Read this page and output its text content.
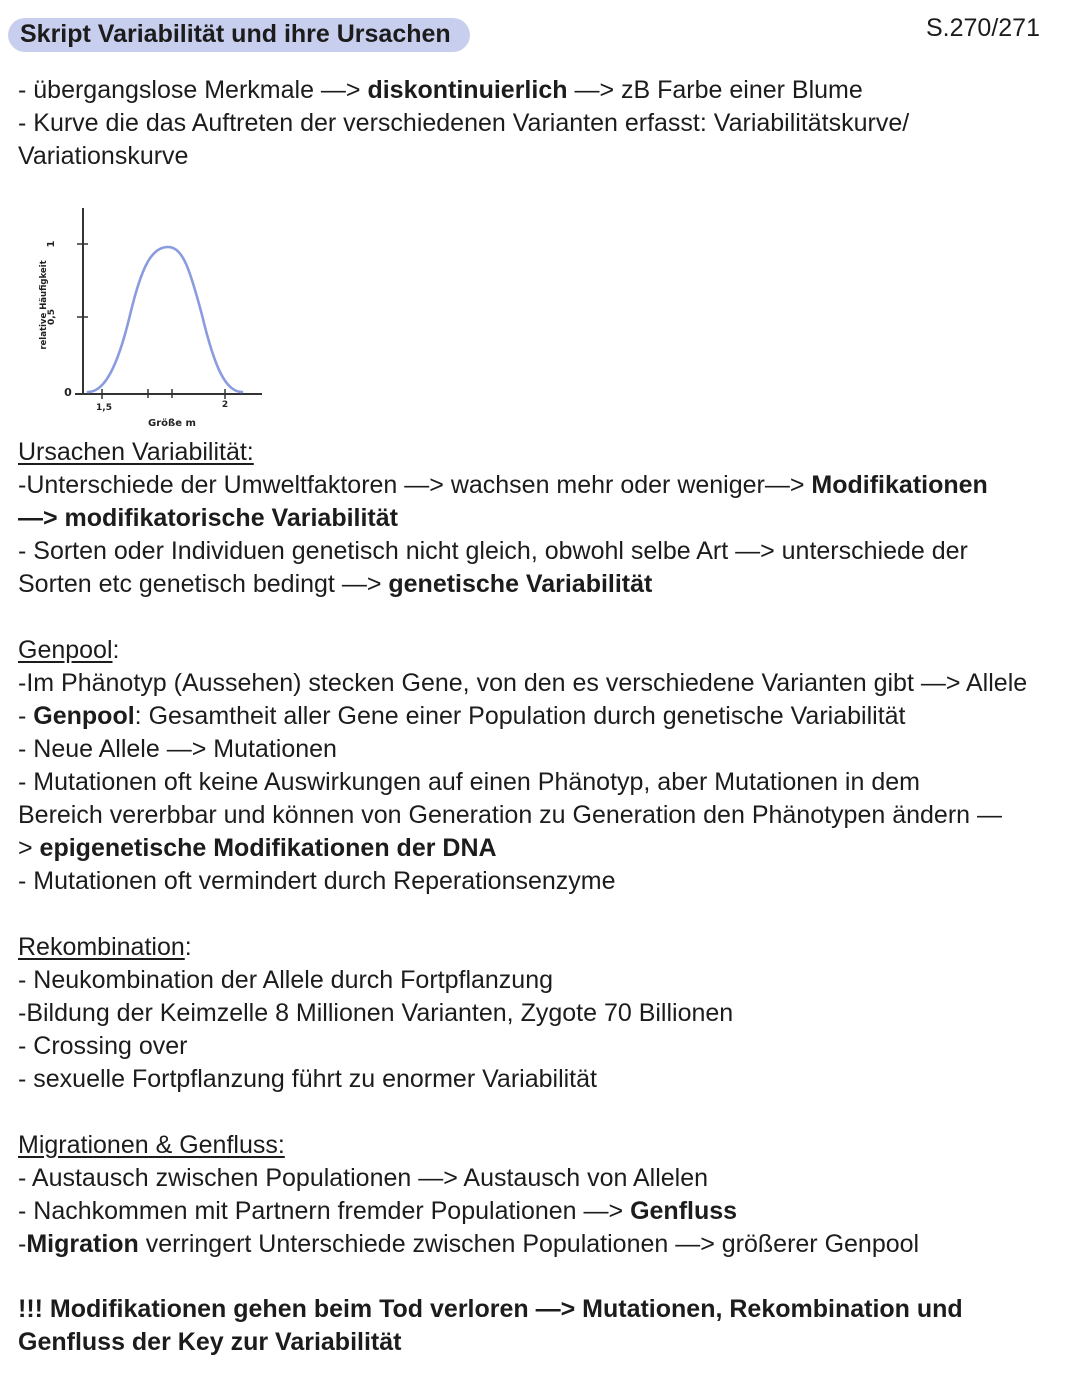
Skript Variabilität und ihre Ursachen	S.270/271
- übergangslose Merkmale —> diskontinuierlich —> zB Farbe einer Blume
- Kurve die das Auftreten der verschiedenen Varianten erfasst: Variabilitätskurve/
Variationskurve
1
0,5
0
relative Häufigkeit
1,5	2
Größe m
Ursachen Variabilität:
-Unterschiede der Umweltfaktoren —> wachsen mehr oder weniger—> Modifikationen
—> modifikatorische Variabilität
- Sorten oder Individuen genetisch nicht gleich, obwohl selbe Art —> unterschiede der
Sorten etc genetisch bedingt —> genetische Variabilität
Genpool:
-Im Phänotyp (Aussehen) stecken Gene, von den es verschiedene Varianten gibt —> Allele
- Genpool: Gesamtheit aller Gene einer Population durch genetische Variabilität
- Neue Allele —> Mutationen
- Mutationen oft keine Auswirkungen auf einen Phänotyp, aber Mutationen in dem
Bereich vererbbar und können von Generation zu Generation den Phänotypen ändern —
> epigenetische Modifikationen der DNA
- Mutationen oft vermindert durch Reperationsenzyme
Rekombination:
- Neukombination der Allele durch Fortpflanzung
-Bildung der Keimzelle 8 Millionen Varianten, Zygote 70 Billionen
- Crossing over
- sexuelle Fortpflanzung führt zu enormer Variabilität
Migrationen & Genfluss:
- Austausch zwischen Populationen —> Austausch von Allelen
- Nachkommen mit Partnern fremder Populationen —> Genfluss
-Migration verringert Unterschiede zwischen Populationen —> größerer Genpool
!!! Modifikationen gehen beim Tod verloren —> Mutationen, Rekombination und
Genfluss der Key zur Variabilität
